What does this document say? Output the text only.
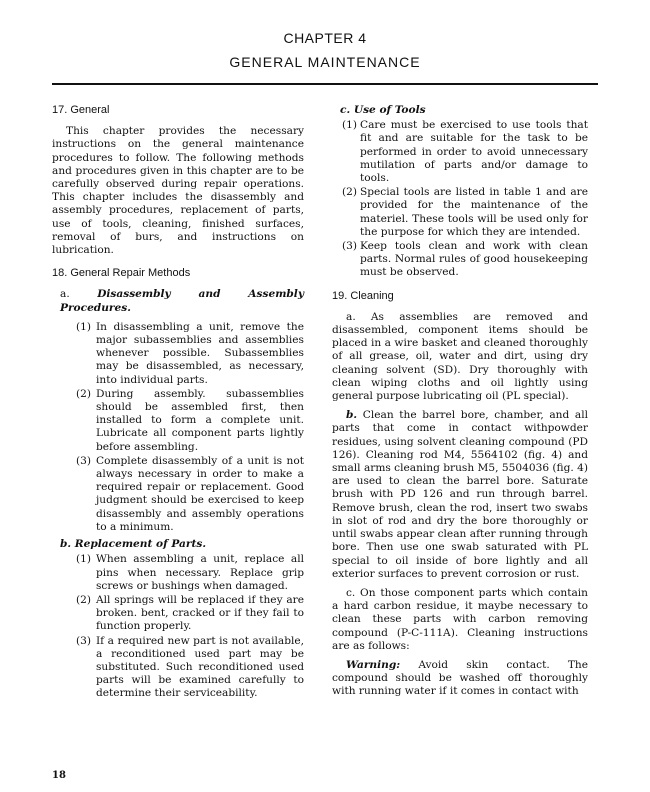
CHAPTER 4
GENERAL MAINTENANCE
17. General
This chapter provides the necessary instructions on the general maintenance procedures to follow. The following methods and procedures given in this chapter are to be carefully observed during repair operations. This chapter includes the disassembly and assembly procedures, replacement of parts, use of tools, cleaning, finished surfaces, removal of burs, and instructions on lubrication.
18. General Repair Methods
a.	Disassembly and Assembly Procedures.
(1) In disassembling a unit, remove the major subassemblies and assemblies whenever possible. Subassemblies may be disassembled, as necessary, into individual parts.
(2) During assembly. subassemblies should be assembled first, then installed to form a complete unit. Lubricate all component parts lightly before assembling.
(3) Complete disassembly of a unit is not always necessary in order to make a required repair or replacement. Good judgment should be exercised to keep disassembly and assembly operations to a minimum.
b. Replacement of Parts.
(1) When assembling a unit, replace all pins when necessary. Replace grip screws or bushings when damaged.
(2) All springs will be replaced if they are broken. bent, cracked or if they fail to function properly.
(3) If a required new part is not available, a reconditioned used part may be substituted. Such reconditioned used parts will be examined carefully to determine their serviceability.
c. Use of Tools
(1) Care must be exercised to use tools that fit and are suitable for the task to be performed in order to avoid unnecessary mutilation of parts and/or damage to tools.
(2) Special tools are listed in table 1 and are provided for the maintenance of the materiel. These tools will be used only for the purpose for which they are intended.
(3) Keep tools clean and work with clean parts. Normal rules of good housekeeping must be observed.
19. Cleaning
a. As assemblies are removed and disassembled, component items should be placed in a wire basket and cleaned thoroughly of all grease, oil, water and dirt, using dry cleaning solvent (SD). Dry thoroughly with clean wiping cloths and oil lightly using general purpose lubricating oil (PL special).
b. Clean the barrel bore, chamber, and all parts that come in contact withpowder residues, using solvent cleaning compound (PD 126). Cleaning rod M4, 5564102 (fig. 4) and small arms cleaning brush M5, 5504036 (fig. 4) are used to clean the barrel bore. Saturate brush with PD 126 and run through barrel. Remove brush, clean the rod, insert two swabs in slot of rod and dry the bore thoroughly or until swabs appear clean after running through bore. Then use one swab saturated with PL special to oil inside of bore lightly and all exterior surfaces to prevent corrosion or rust.
c. On those component parts which contain a hard carbon residue, it maybe necessary to clean these parts with carbon removing compound (P-C-111A). Cleaning instructions are as follows:
Warning: Avoid skin contact. The compound should be washed off thoroughly with running water if it comes in contact with
18
